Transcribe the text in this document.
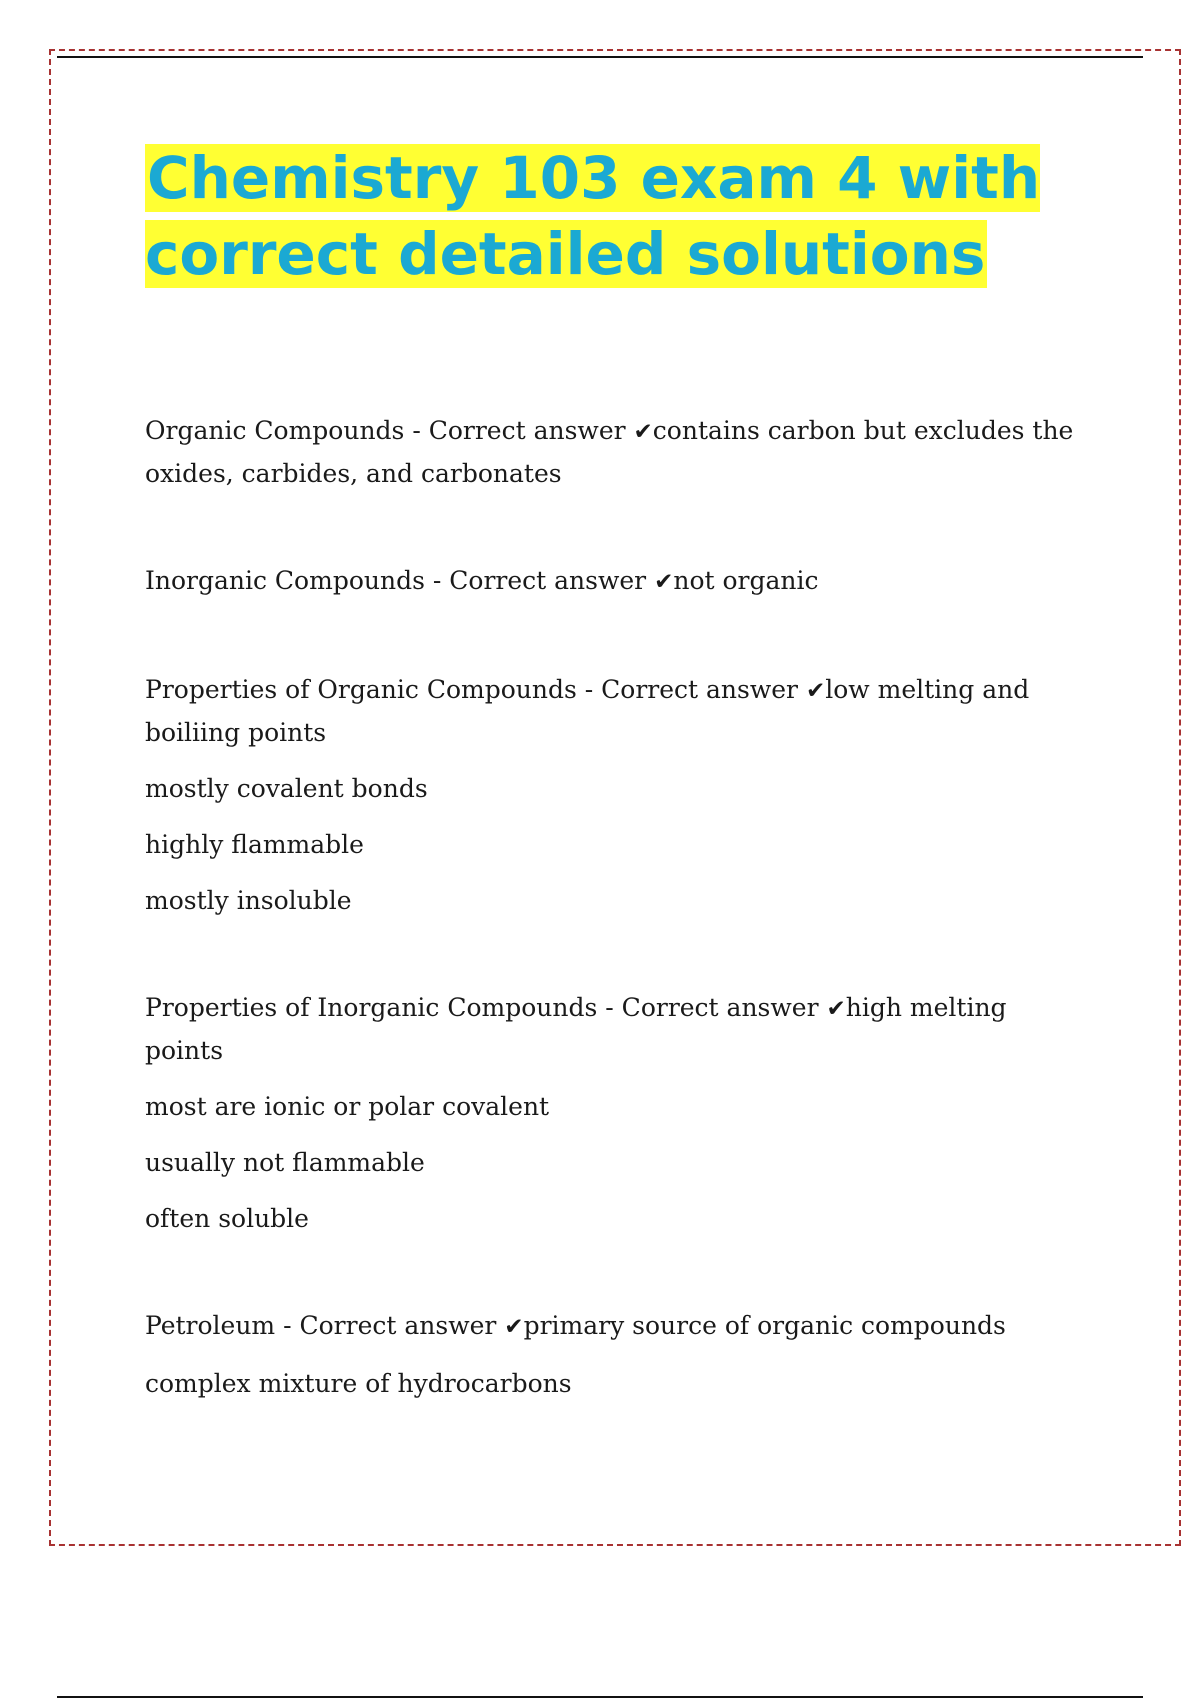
Chemistry 103 exam 4 with correct detailed solutions

Organic Compounds - Correct answer ✔contains carbon but excludes the oxides, carbides, and carbonates

Inorganic Compounds - Correct answer ✔not organic

Properties of Organic Compounds - Correct answer ✔low melting and boiliing points

mostly covalent bonds

highly flammable

mostly insoluble

Properties of Inorganic Compounds - Correct answer ✔high melting points

most are ionic or polar covalent

usually not flammable

often soluble

Petroleum - Correct answer ✔primary source of organic compounds

complex mixture of hydrocarbons
